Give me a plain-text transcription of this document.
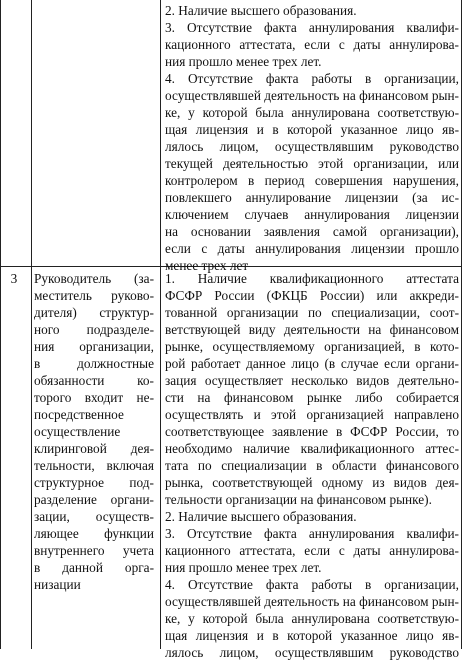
2. Наличие высшего образования.
3. Отсутствие факта аннулирования квалифи-
кационного аттестата, если с даты аннулирова-
ния прошло менее трех лет.
4. Отсутствие факта работы в организации,
осуществлявшей деятельность на финансовом рын-
ке, у которой была аннулирована соответствую-
щая лицензия и в которой указанное лицо яв-
лялось лицом, осуществлявшим руководство
текущей деятельностью этой организации, или
контролером в период совершения нарушения,
повлекшего аннулирование лицензии (за ис-
ключением случаев аннулирования лицензии
на основании заявления самой организации),
если с даты аннулирования лицензии прошло
менее трех лет
3	Руководитель (за-
меститель руково-
дителя) структур-
ного подразделе-
ния организации,
в должностные
обязанности ко-
торого входит не-
посредственное
осуществление
клиринговой дея-
тельности, включая
структурное под-
разделение органи-
зации, осуществ-
ляющее функции
внутреннего учета
в данной орга-
низации
1. Наличие квалификационного аттестата
ФСФР России (ФКЦБ России) или аккреди-
тованной организации по специализации, соот-
ветствующей виду деятельности на финансовом
рынке, осуществляемому организацией, в кото-
рой работает данное лицо (в случае если органи-
зация осуществляет несколько видов деятельно-
сти на финансовом рынке либо собирается
осуществлять и этой организацией направлено
соответствующее заявление в ФСФР России, то
необходимо наличие квалификационного аттес-
тата по специализации в области финансового
рынка, соответствующей одному из видов дея-
тельности организации на финансовом рынке).
2. Наличие высшего образования.
3. Отсутствие факта аннулирования квалифи-
кационного аттестата, если с даты аннулирова-
ния прошло менее трех лет.
4. Отсутствие факта работы в организации,
осуществлявшей деятельность на финансовом рын-
ке, у которой была аннулирована соответствую-
щая лицензия и в которой указанное лицо яв-
лялось лицом, осуществлявшим руководство
